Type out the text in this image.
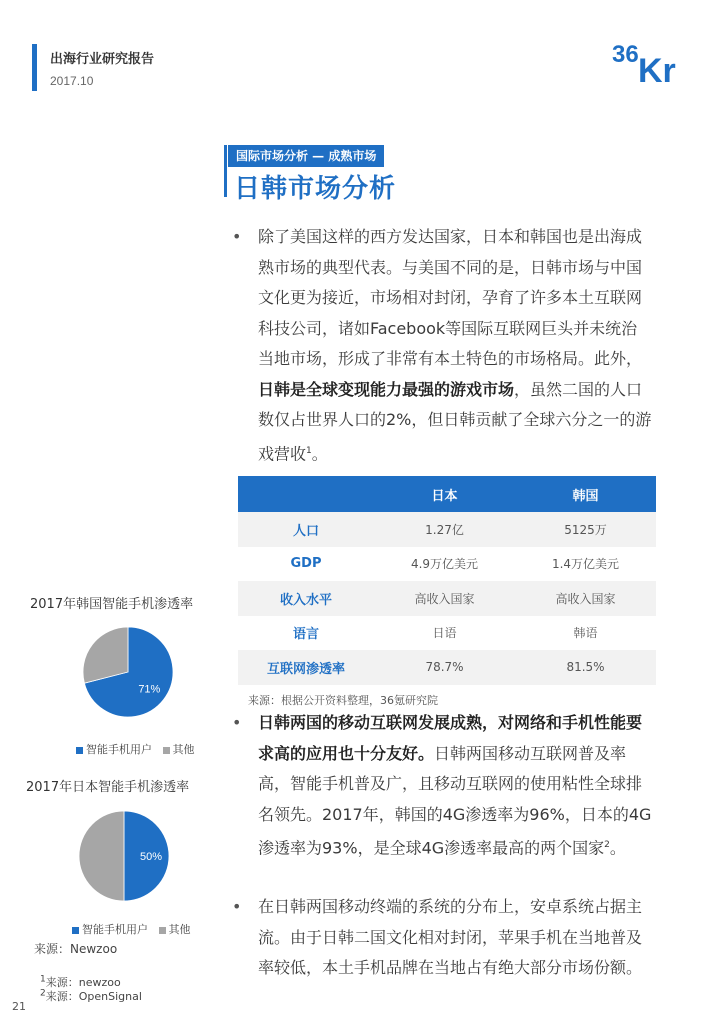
出海行业研究报告
2017.10
36 Kr
国际市场分析 — 成熟市场
日韩市场分析
•	除了美国这样的西方发达国家，日本和韩国也是出海成熟市场的典型代表。与美国不同的是，日韩市场与中国文化更为接近，市场相对封闭，孕育了许多本土互联网科技公司，诸如Facebook等国际互联网巨头并未统治当地市场，形成了非常有本土特色的市场格局。此外，日韩是全球变现能力最强的游戏市场，虽然二国的人口数仅占世界人口的2%，但日韩贡献了全球六分之一的游戏营收$^1$。
	日本	韩国
人口	1.27亿	5125万
GDP	4.9万亿美元	1.4万亿美元
收入水平	高收入国家	高收入国家
语言	日语	韩语
互联网渗透率	78.7%	81.5%
来源：根据公开资料整理，36氪研究院
•	日韩两国的移动互联网发展成熟，对网络和手机性能要求高的应用也十分友好。日韩两国移动互联网普及率高，智能手机普及广，且移动互联网的使用粘性全球排名领先。2017年，韩国的4G渗透率为96%，日本的4G渗透率为93%，是全球4G渗透率最高的两个国家$^2$。
•	在日韩两国移动终端的系统的分布上，安卓系统占据主流。由于日韩二国文化相对封闭，苹果手机在当地普及率较低，本土手机品牌在当地占有绝大部分市场份额。
2017年韩国智能手机渗透率
71%
智能手机用户 其他
2017年日本智能手机渗透率
50%
智能手机用户 其他
来源：Newzoo
$^1$来源：newzoo
$^2$来源：OpenSignal
21
